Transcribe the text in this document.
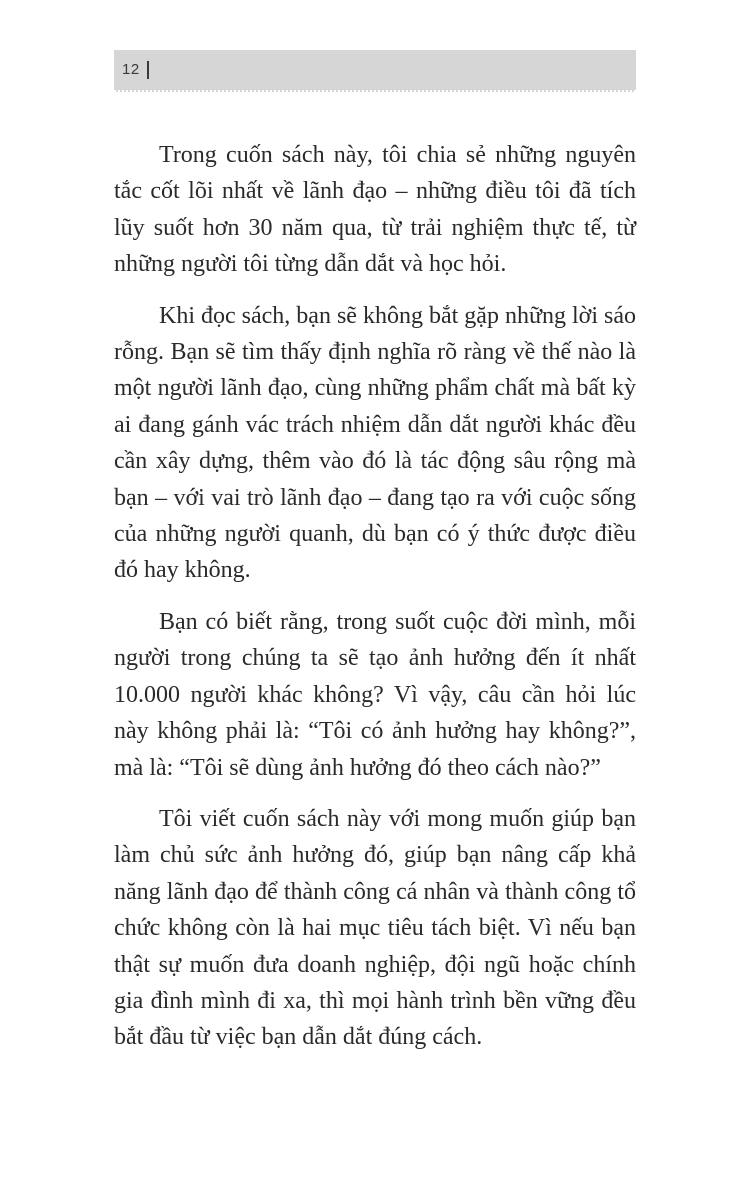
12

Trong cuốn sách này, tôi chia sẻ những nguyên tắc cốt lõi nhất về lãnh đạo – những điều tôi đã tích lũy suốt hơn 30 năm qua, từ trải nghiệm thực tế, từ những người tôi từng dẫn dắt và học hỏi.

Khi đọc sách, bạn sẽ không bắt gặp những lời sáo rỗng. Bạn sẽ tìm thấy định nghĩa rõ ràng về thế nào là một người lãnh đạo, cùng những phẩm chất mà bất kỳ ai đang gánh vác trách nhiệm dẫn dắt người khác đều cần xây dựng, thêm vào đó là tác động sâu rộng mà bạn – với vai trò lãnh đạo – đang tạo ra với cuộc sống của những người quanh, dù bạn có ý thức được điều đó hay không.

Bạn có biết rằng, trong suốt cuộc đời mình, mỗi người trong chúng ta sẽ tạo ảnh hưởng đến ít nhất 10.000 người khác không? Vì vậy, câu cần hỏi lúc này không phải là: “Tôi có ảnh hưởng hay không?”, mà là: “Tôi sẽ dùng ảnh hưởng đó theo cách nào?”

Tôi viết cuốn sách này với mong muốn giúp bạn làm chủ sức ảnh hưởng đó, giúp bạn nâng cấp khả năng lãnh đạo để thành công cá nhân và thành công tổ chức không còn là hai mục tiêu tách biệt. Vì nếu bạn thật sự muốn đưa doanh nghiệp, đội ngũ hoặc chính gia đình mình đi xa, thì mọi hành trình bền vững đều bắt đầu từ việc bạn dẫn dắt đúng cách.
